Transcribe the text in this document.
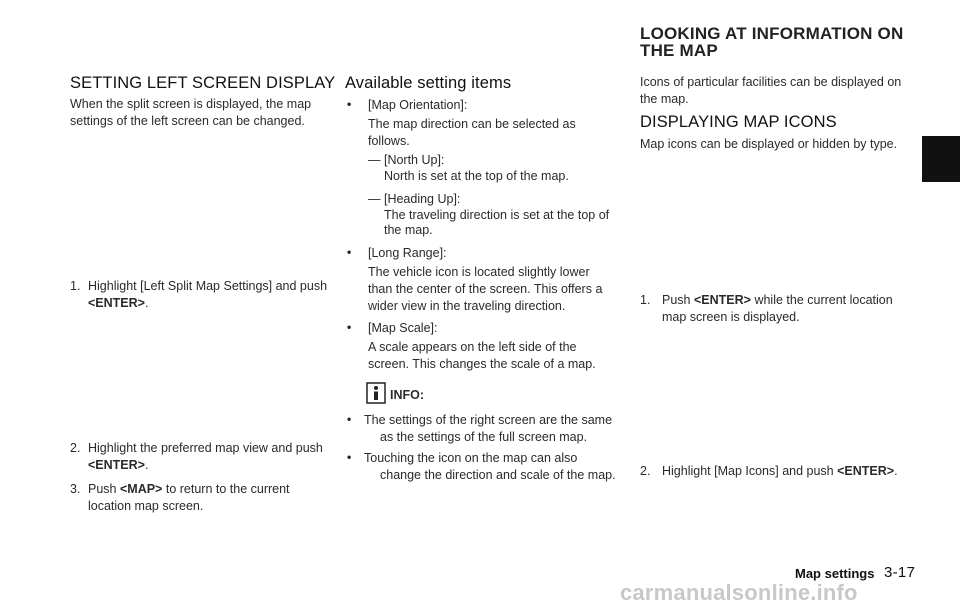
SETTING LEFT SCREEN DISPLAY
When the split screen is displayed, the map
settings of the left screen can be changed.
1. Highlight [Left Split Map Settings] and push
<ENTER>.
2. Highlight the preferred map view and push
<ENTER>.
3. Push <MAP> to return to the current
location map screen.
Available setting items
• [Map Orientation]:
The map direction can be selected as
follows.
— [North Up]:
North is set at the top of the map.
— [Heading Up]:
The traveling direction is set at the top of
the map.
• [Long Range]:
The vehicle icon is located slightly lower
than the center of the screen. This offers a
wider view in the traveling direction.
• [Map Scale]:
A scale appears on the left side of the
screen. This changes the scale of a map.
INFO:
• The settings of the right screen are the same
as the settings of the full screen map.
• Touching the icon on the map can also
change the direction and scale of the map.
LOOKING AT INFORMATION ON
THE MAP
Icons of particular facilities can be displayed on
the map.
DISPLAYING MAP ICONS
Map icons can be displayed or hidden by type.
1. Push <ENTER> while the current location
map screen is displayed.
2. Highlight [Map Icons] and push <ENTER>.
Map settings 3-17
carmanualsonline.info
